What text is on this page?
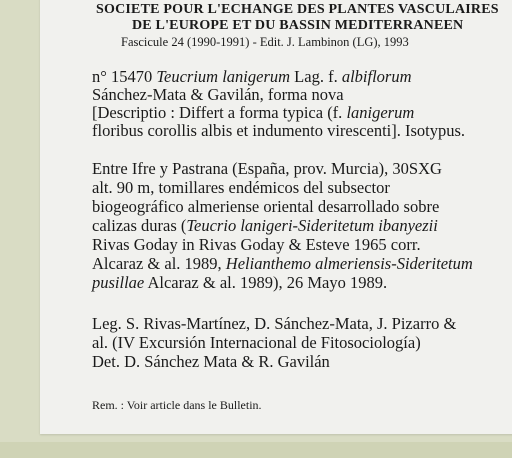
SOCIETE POUR L'ECHANGE DES PLANTES VASCULAIRES
DE L'EUROPE ET DU BASSIN MEDITERRANEEN
Fascicule 24 (1990-1991) - Edit. J. Lambinon (LG), 1993
n° 15470 Teucrium lanigerum Lag. f. albiflorum
Sánchez-Mata & Gavilán, forma nova
[Descriptio : Differt a forma typica (f. lanigerum
floribus corollis albis et indumento virescenti]. Isotypus.
Entre Ifre y Pastrana (España, prov. Murcia), 30SXG
alt. 90 m, tomillares endémicos del subsector
biogeográfico almeriense oriental desarrollado sobre
calizas duras (Teucrio lanigeri-Sideritetum ibanyezii
Rivas Goday in Rivas Goday & Esteve 1965 corr.
Alcaraz & al. 1989, Helianthemo almeriensis-Sideritetum
pusillae Alcaraz & al. 1989), 26 Mayo 1989.
Leg. S. Rivas-Martínez, D. Sánchez-Mata, J. Pizarro &
al. (IV Excursión Internacional de Fitosociología)
Det. D. Sánchez Mata & R. Gavilán
Rem. : Voir article dans le Bulletin.
